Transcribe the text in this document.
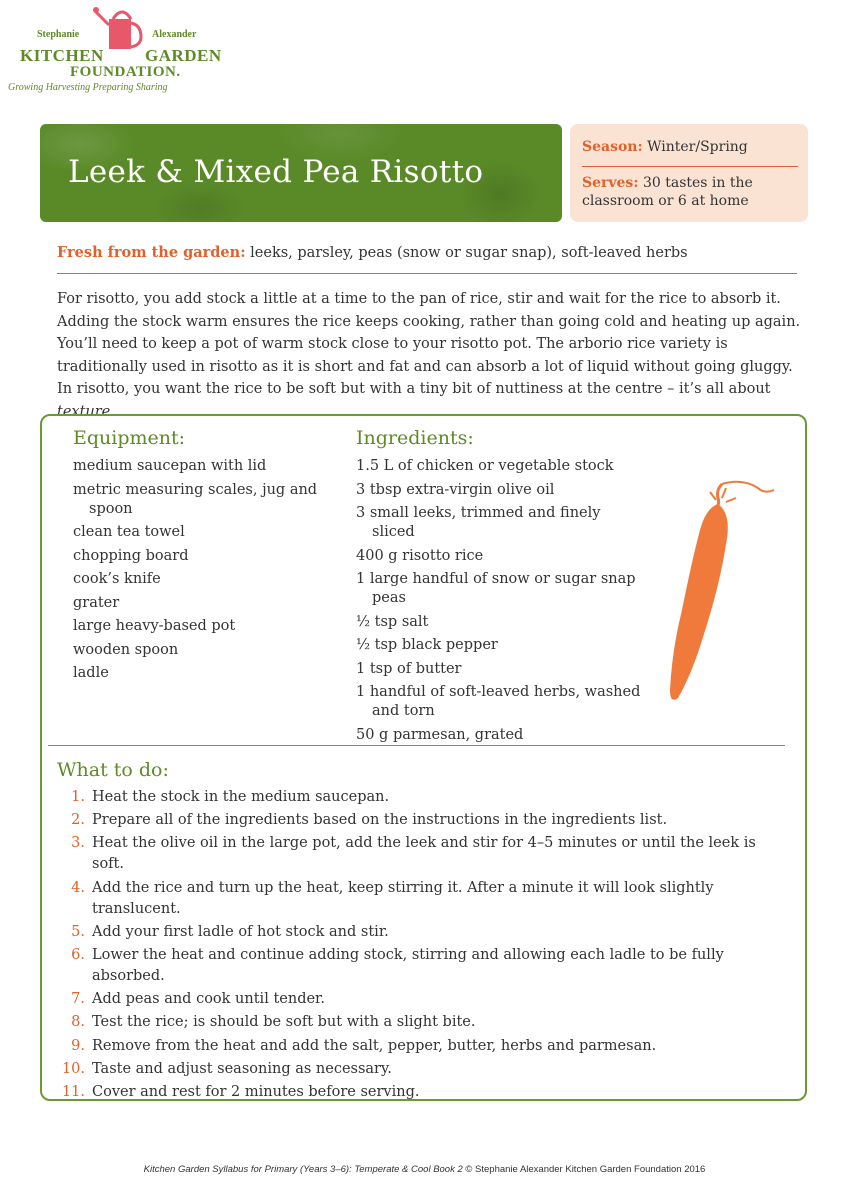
Stephanie	Alexander
KITCHEN GARDEN
FOUNDATION.
Growing Harvesting Preparing Sharing
Leek & Mixed Pea Risotto
Season: Winter/Spring
Serves: 30 tastes in the classroom or 6 at home
Fresh from the garden: leeks, parsley, peas (snow or sugar snap), soft-leaved herbs
For risotto, you add stock a little at a time to the pan of rice, stir and wait for the rice to absorb it. Adding the stock warm ensures the rice keeps cooking, rather than going cold and heating up again. You’ll need to keep a pot of warm stock close to your risotto pot. The arborio rice variety is traditionally used in risotto as it is short and fat and can absorb a lot of liquid without going gluggy. In risotto, you want the rice to be soft but with a tiny bit of nuttiness at the centre – it’s all about texture.
Equipment:
medium saucepan with lid
metric measuring scales, jug and spoon
clean tea towel
chopping board
cook’s knife
grater
large heavy-based pot
wooden spoon
ladle
Ingredients:
1.5 L of chicken or vegetable stock
3 tbsp extra-virgin olive oil
3 small leeks, trimmed and finely sliced
400 g risotto rice
1 large handful of snow or sugar snap peas
½ tsp salt
½ tsp black pepper
1 tsp of butter
1 handful of soft-leaved herbs, washed and torn
50 g parmesan, grated
What to do:
1. Heat the stock in the medium saucepan.
2. Prepare all of the ingredients based on the instructions in the ingredients list.
3. Heat the olive oil in the large pot, add the leek and stir for 4–5 minutes or until the leek is soft.
4. Add the rice and turn up the heat, keep stirring it. After a minute it will look slightly translucent.
5. Add your first ladle of hot stock and stir.
6. Lower the heat and continue adding stock, stirring and allowing each ladle to be fully absorbed.
7. Add peas and cook until tender.
8. Test the rice; is should be soft but with a slight bite.
9. Remove from the heat and add the salt, pepper, butter, herbs and parmesan.
10. Taste and adjust seasoning as necessary.
11. Cover and rest for 2 minutes before serving.
Kitchen Garden Syllabus for Primary (Years 3–6): Temperate & Cool Book 2 © Stephanie Alexander Kitchen Garden Foundation 2016
